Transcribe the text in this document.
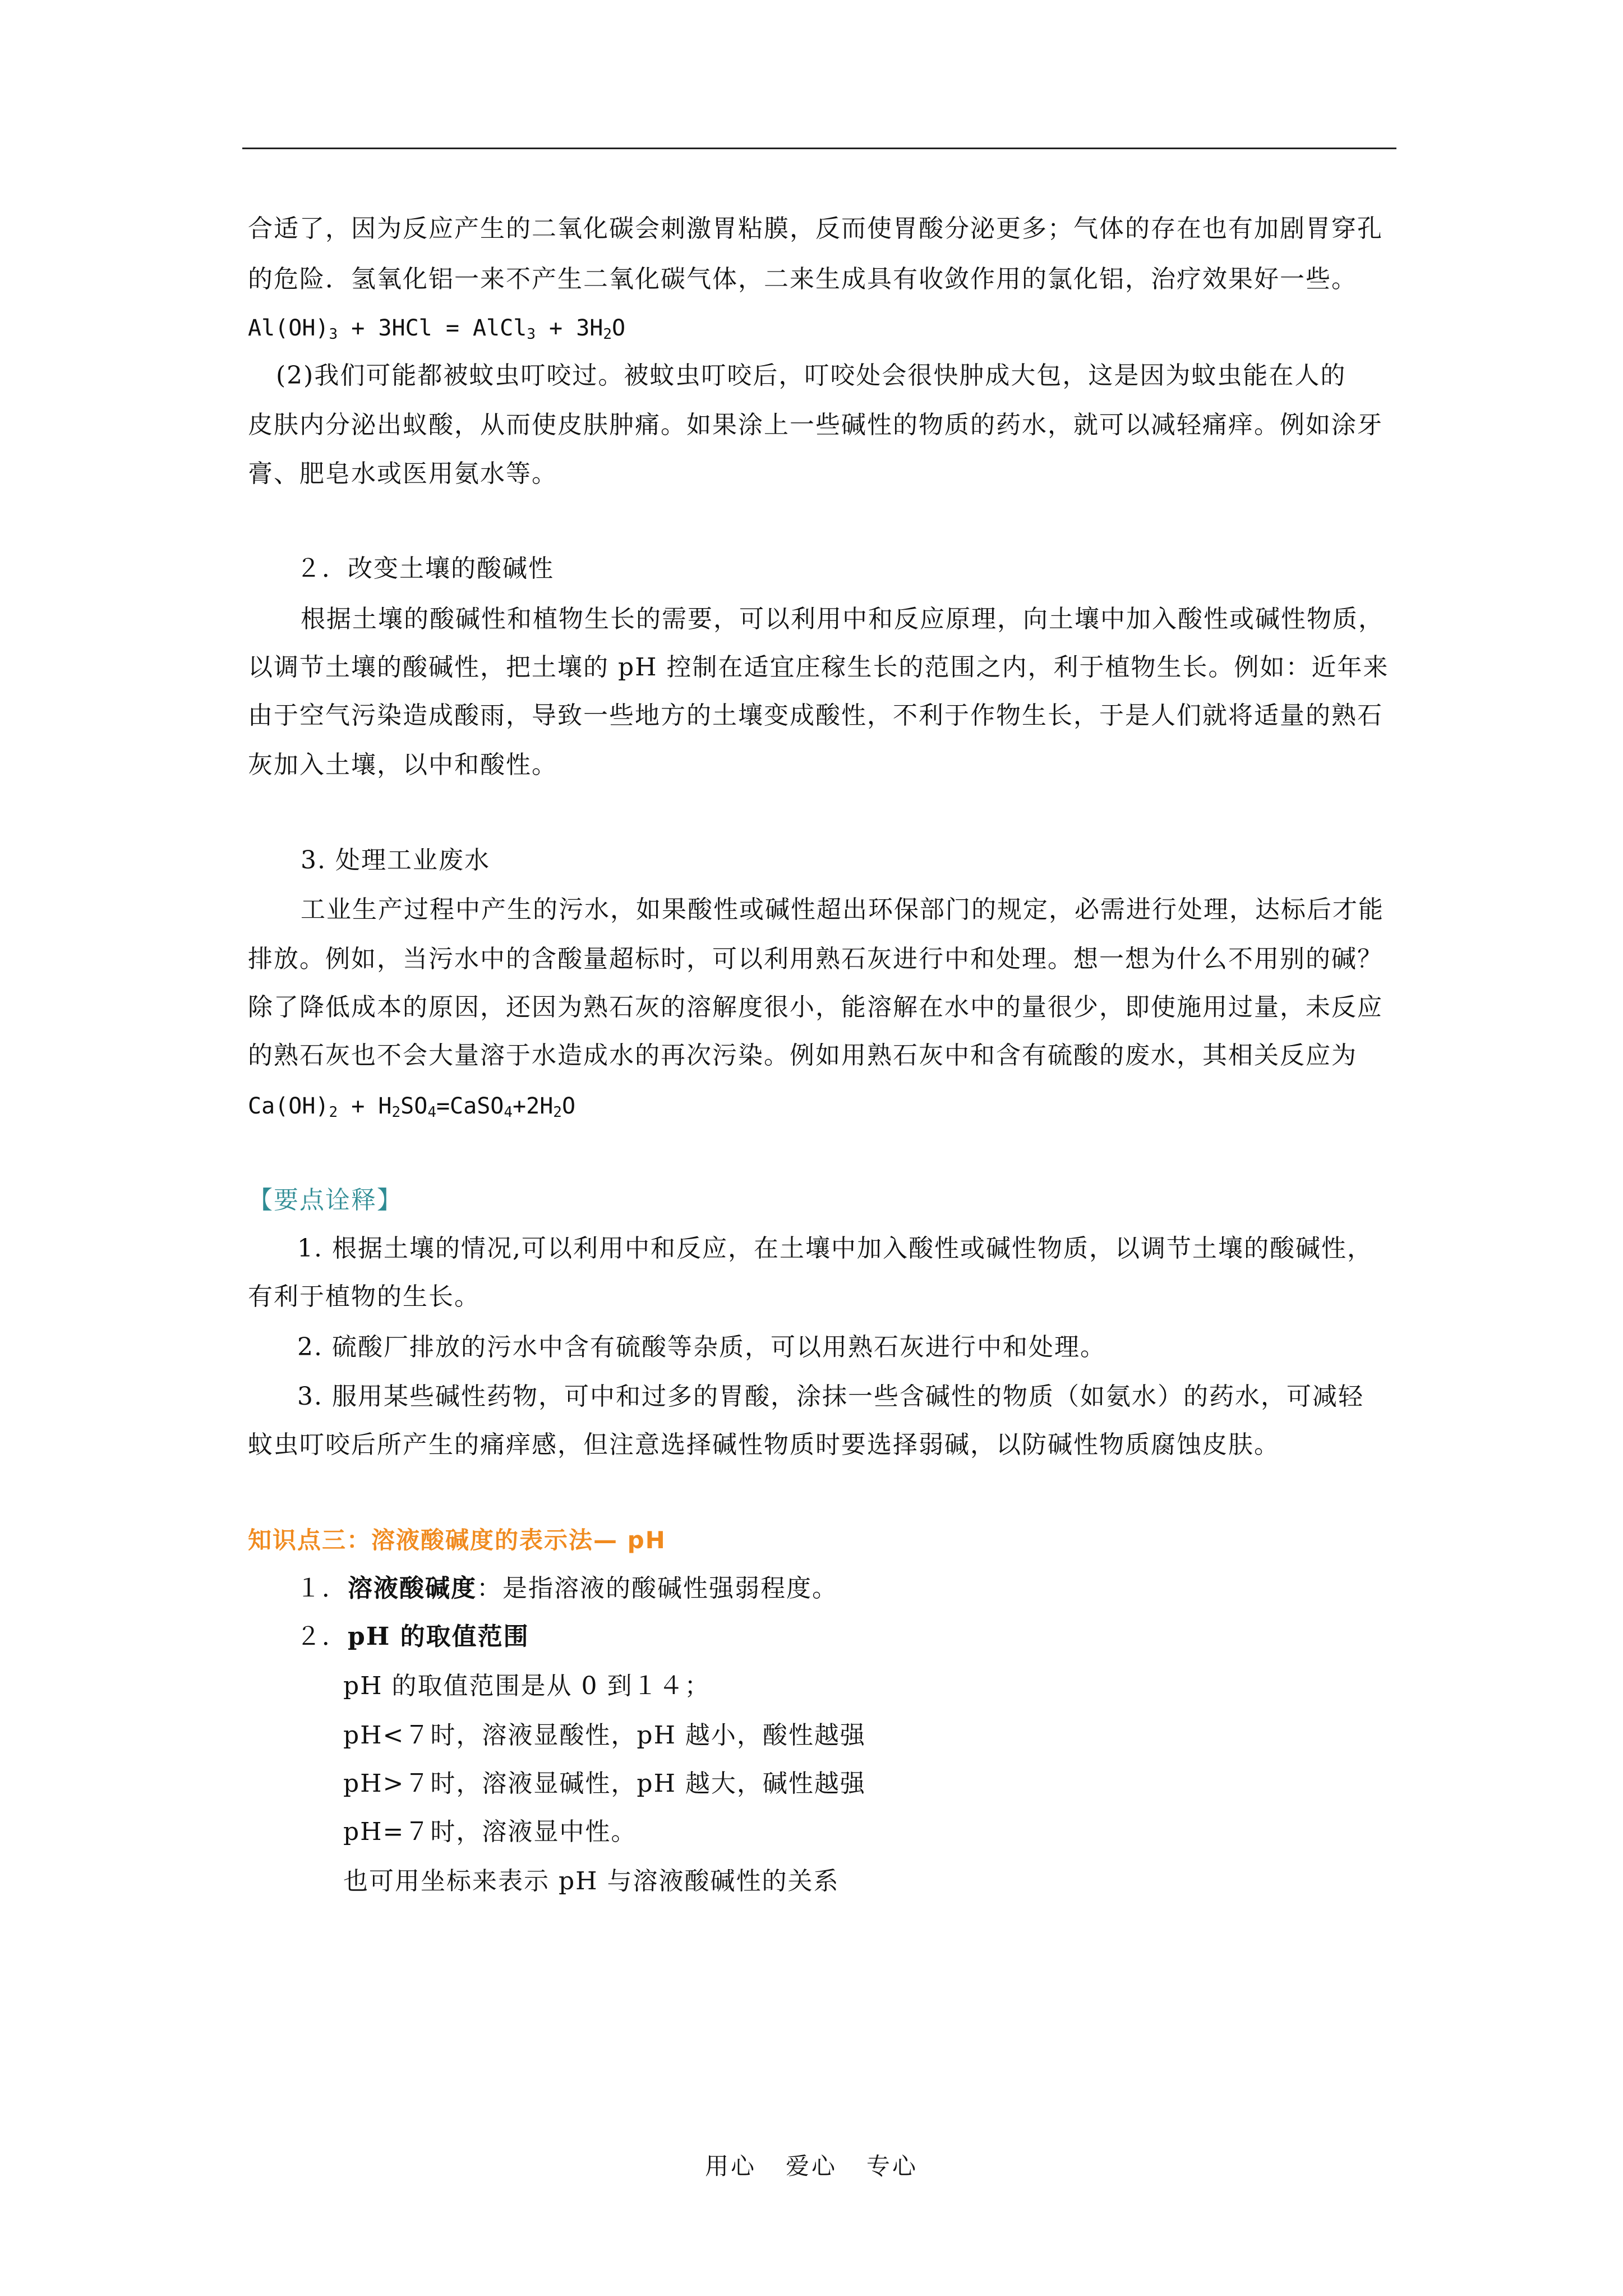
合适了，因为反应产生的二氧化碳会刺激胃粘膜，反而使胃酸分泌更多；气体的存在也有加剧胃穿孔
的危险．氢氧化铝一来不产生二氧化碳气体，二来生成具有收敛作用的氯化铝，治疗效果好一些。
$Al(OH)_3 + 3HCl$ = AlCl$_3$ + $3H_2O$
(2)我们可能都被蚊虫叮咬过。被蚊虫叮咬后，叮咬处会很快肿成大包，这是因为蚊虫能在人的
皮肤内分泌出蚁酸，从而使皮肤肿痛。如果涂上一些碱性的物质的药水，就可以减轻痛痒。例如涂牙
膏、肥皂水或医用氨水等。
２．改变土壤的酸碱性
根据土壤的酸碱性和植物生长的需要，可以利用中和反应原理，向土壤中加入酸性或碱性物质，
以调节土壤的酸碱性，把土壤的 pH 控制在适宜庄稼生长的范围之内，利于植物生长。例如：近年来
由于空气污染造成酸雨，导致一些地方的土壤变成酸性，不利于作物生长，于是人们就将适量的熟石
灰加入土壤，以中和酸性。
3. 处理工业废水
工业生产过程中产生的污水，如果酸性或碱性超出环保部门的规定，必需进行处理，达标后才能
排放。例如，当污水中的含酸量超标时，可以利用熟石灰进行中和处理。想一想为什么不用别的碱？
除了降低成本的原因，还因为熟石灰的溶解度很小，能溶解在水中的量很少，即使施用过量，未反应
的熟石灰也不会大量溶于水造成水的再次污染。例如用熟石灰中和含有硫酸的废水，其相关反应为
$Ca(OH)_2$ + $H_2SO_4=CaSO_4+2H_2O$
【要点诠释】
1. 根据土壤的情况,可以利用中和反应，在土壤中加入酸性或碱性物质，以调节土壤的酸碱性，
有利于植物的生长。
2. 硫酸厂排放的污水中含有硫酸等杂质，可以用熟石灰进行中和处理。
3. 服用某些碱性药物，可中和过多的胃酸，涂抹一些含碱性的物质（如氨水）的药水，可减轻
蚊虫叮咬后所产生的痛痒感，但注意选择碱性物质时要选择弱碱，以防碱性物质腐蚀皮肤。
知识点三：溶液酸碱度的表示法— pH
１．溶液酸碱度：是指溶液的酸碱性强弱程度。
２．pH 的取值范围
pH 的取值范围是从 0 到１４；
pH<７时，溶液显酸性，pH 越小，酸性越强
pH>７时，溶液显碱性，pH 越大，碱性越强
pH=７时，溶液显中性。
也可用坐标来表示 pH 与溶液酸碱性的关系
用心   爱心   专心
